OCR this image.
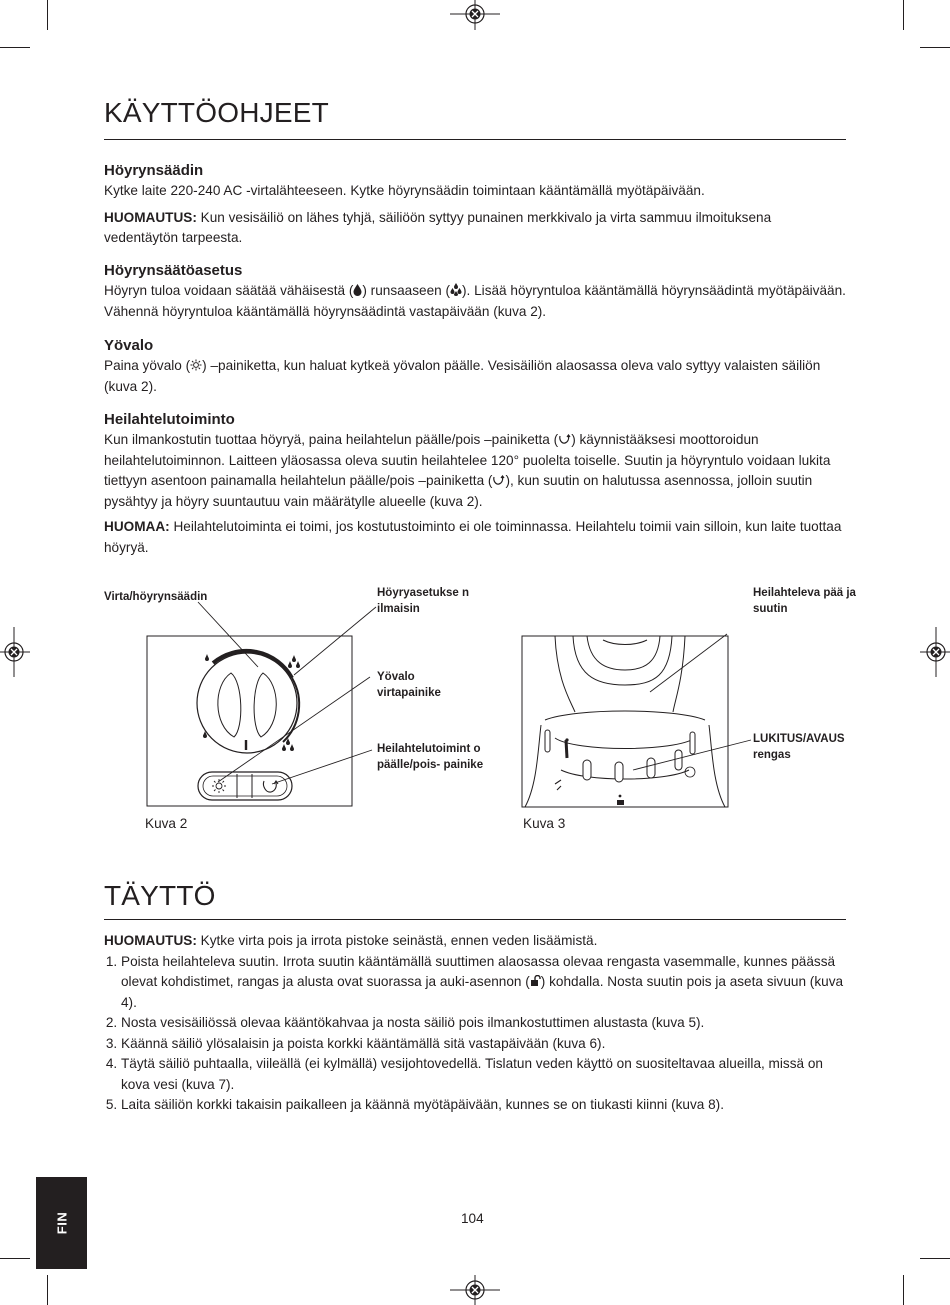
KÄYTTÖOHJEET
Höyrynsäädin

Kytke laite 220-240 AC -virtalähteeseen. Kytke höyrynsäädin toimintaan kääntämällä myötäpäivään.

HUOMAUTUS: Kun vesisäiliö on lähes tyhjä, säiliöön syttyy punainen merkkivalo ja virta sammuu ilmoituksena vedentäytön tarpeesta.

Höyrynsäätöasetus

Höyryn tuloa voidaan säätää vähäisestä ( ) runsaaseen ( ). Lisää höyryntuloa kääntämällä höyrynsäädintä myötäpäivään. Vähennä höyryntuloa kääntämällä höyrynsäädintä vastapäivään (kuva 2).

Yövalo

Paina yövalo ( ) –painiketta, kun haluat kytkeä yövalon päälle. Vesisäiliön alaosassa oleva valo syttyy valaisten säiliön (kuva 2).

Heilahtelutoiminto

Kun ilmankostutin tuottaa höyryä, paina heilahtelun päälle/pois –painiketta ( ) käynnistääksesi moottoroidun heilahtelutoiminnon. Laitteen yläosassa oleva suutin heilahtelee 120° puolelta toiselle. Suutin ja höyryntulo voidaan lukita tiettyyn asentoon painamalla heilahtelun päälle/pois –painiketta ( ), kun suutin on halutussa asennossa, jolloin suutin pysähtyy ja höyry suuntautuu vain määrätylle alueelle (kuva 2).

HUOMAA: Heilahtelutoiminta ei toimi, jos kostutustoiminto ei ole toiminnassa. Heilahtelu toimii vain silloin, kun laite tuottaa höyryä.

Virta/höyrynsäädin	Höyryasetukse n ilmaisin
Yövalo virtapainike
Heilahtelutoimint o päälle/pois- painike
Kuva 2
Heilahteleva pää ja suutin
LUKITUS/AVAUS rengas
Kuva 3
TÄYTTÖ

HUOMAUTUS: Kytke virta pois ja irrota pistoke seinästä, ennen veden lisäämistä.

1. Poista heilahteleva suutin. Irrota suutin kääntämällä suuttimen alaosassa olevaa rengasta vasemmalle, kunnes päässä olevat kohdistimet, rangas ja alusta ovat suorassa ja auki-asennon ( ) kohdalla. Nosta suutin pois ja aseta sivuun (kuva 4).
2. Nosta vesisäiliössä olevaa kääntökahvaa ja nosta säiliö pois ilmankostuttimen alustasta (kuva 5).
3. Käännä säiliö ylösalaisin ja poista korkki kääntämällä sitä vastapäivään (kuva 6).
4. Täytä säiliö puhtaalla, viileällä (ei kylmällä) vesijohtovedellä. Tislatun veden käyttö on suositeltavaa alueilla, missä on kova vesi (kuva 7).
5. Laita säiliön korkki takaisin paikalleen ja käännä myötäpäivään, kunnes se on tiukasti kiinni (kuva 8).
104
FIN
